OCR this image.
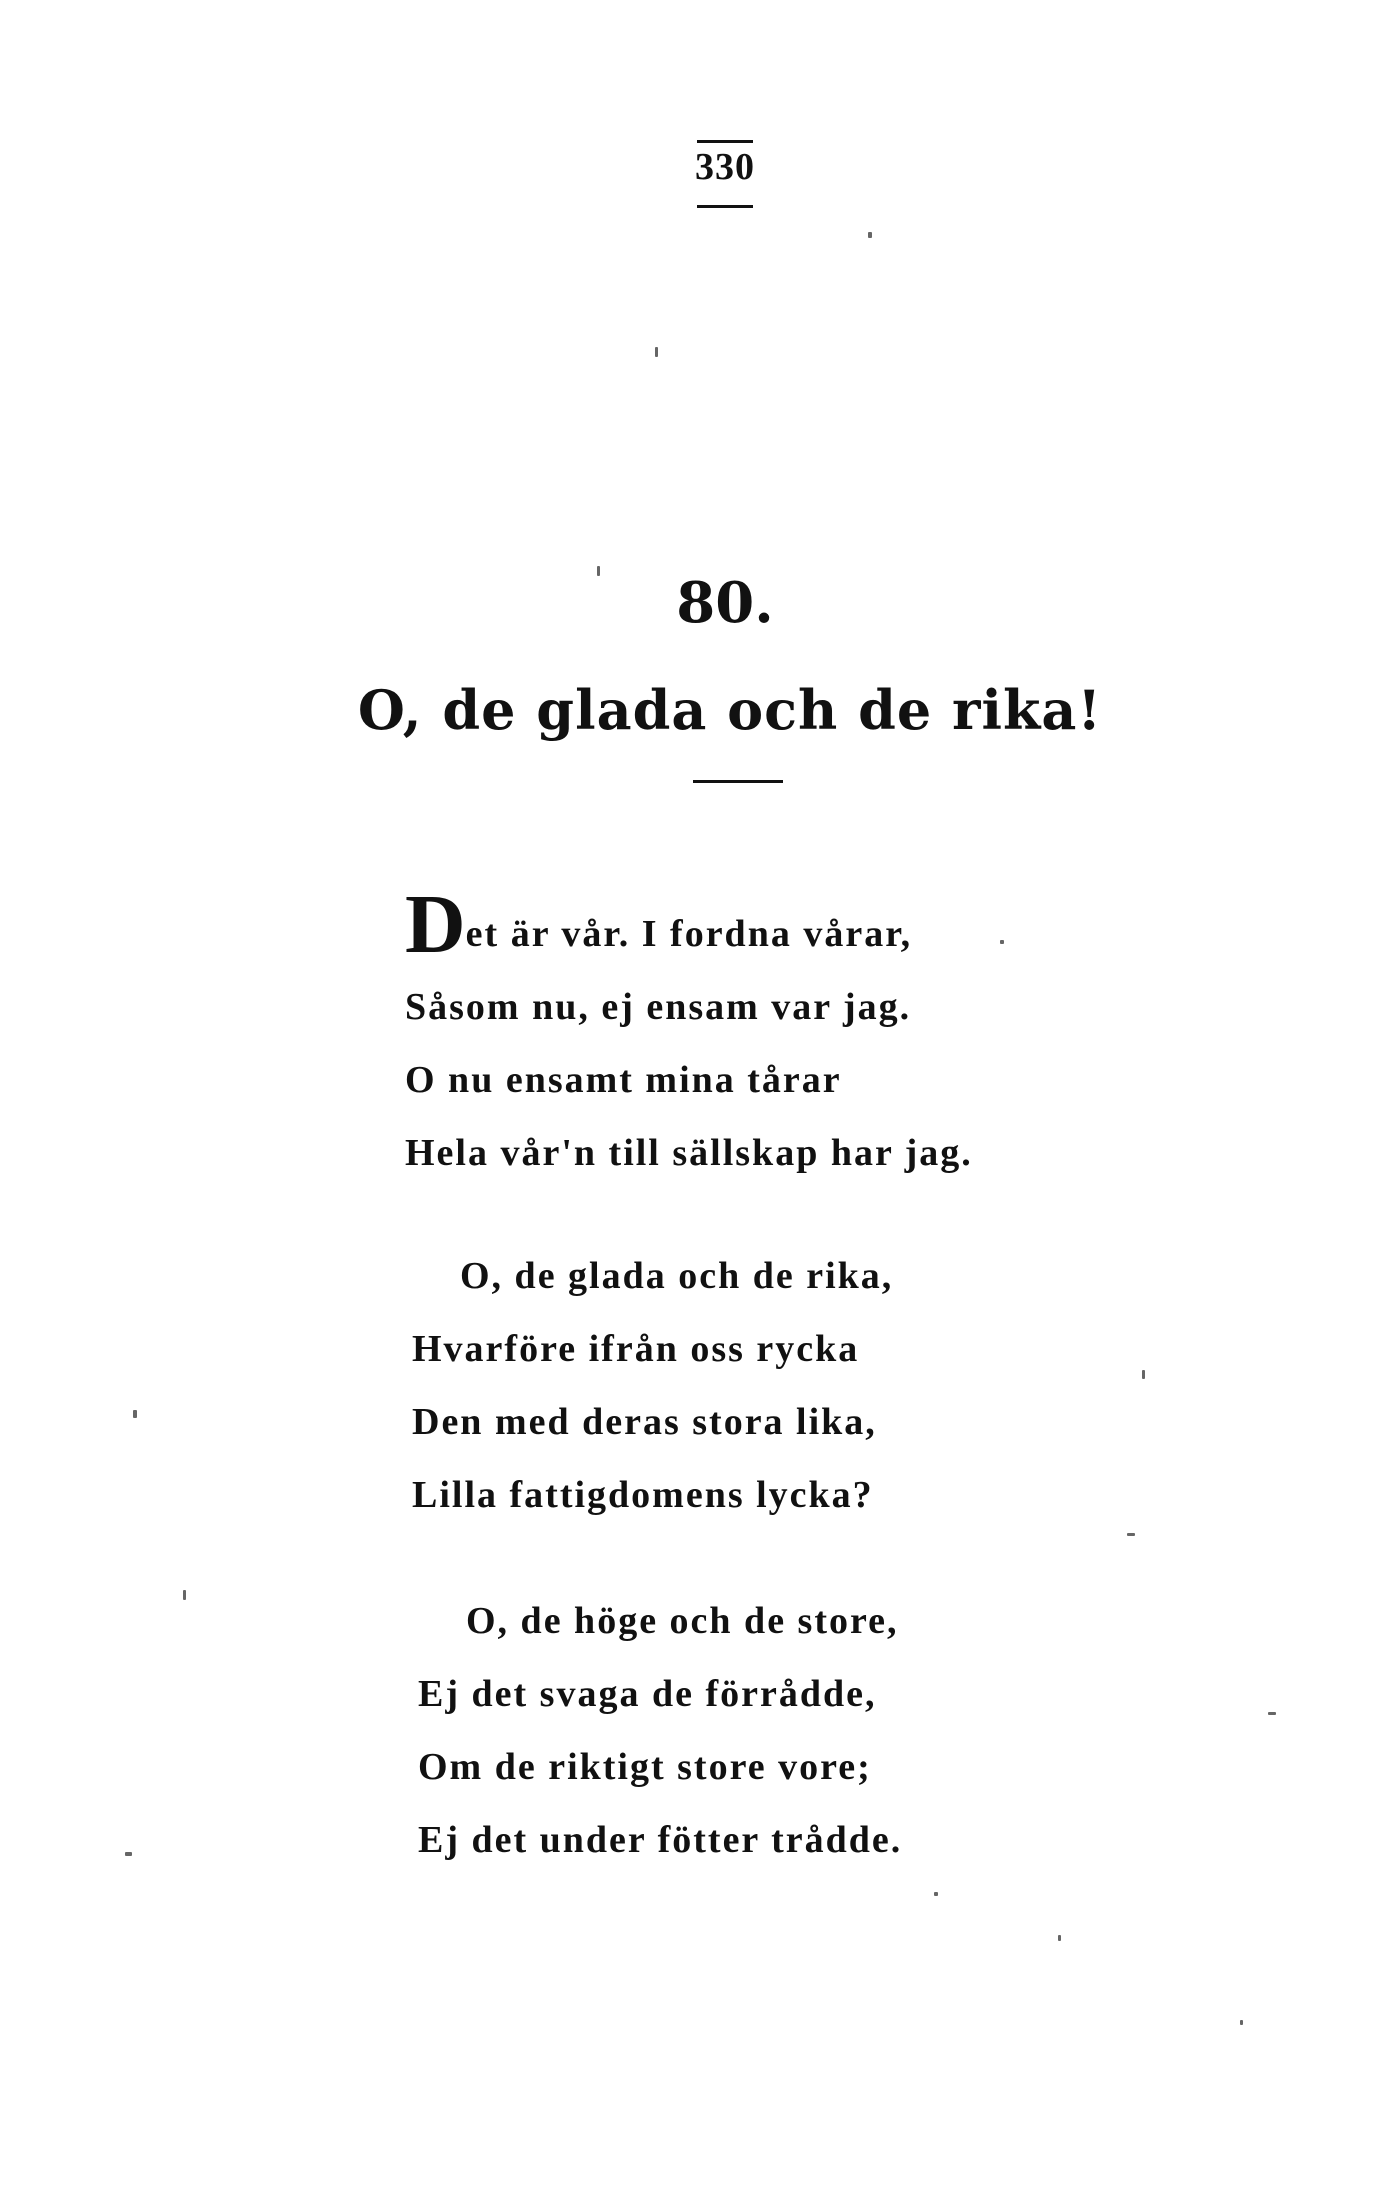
330
80.
O, de glada och de rika!
Det är vår. I fordna vårar,
Såsom nu, ej ensam var jag.
O nu ensamt mina tårar
Hela vår'n till sällskap har jag.
O, de glada och de rika,
Hvarföre ifrån oss rycka
Den med deras stora lika,
Lilla fattigdomens lycka?
O, de höge och de store,
Ej det svaga de förrådde,
Om de riktigt store vore;
Ej det under fötter trådde.
